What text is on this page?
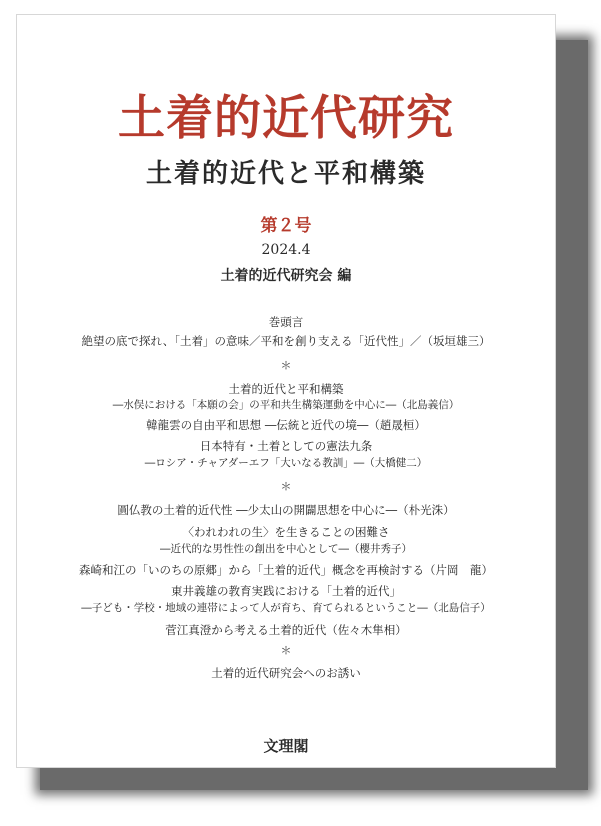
土着的近代研究
土着的近代と平和構築
第２号
2024.4
土着的近代研究会 編
巻頭言
絶望の底で探れ、「土着」の意味／平和を創り支える「近代性」／（坂垣雄三）
＊
土着的近代と平和構築
―水俣における「本願の会」の平和共生構築運動を中心に―（北島義信）
韓龍雲の自由平和思想 ―伝統と近代の境―（趙晟桓）
日本特有・土着としての憲法九条
―ロシア・チャアダーエフ「大いなる教訓」―（大橋健二）
＊
圓仏教の土着的近代性 ―少太山の開闢思想を中心に―（朴光洙）
〈われわれの生〉を生きることの困難さ
―近代的な男性性の創出を中心として―（櫻井秀子）
森崎和江の「いのちの原郷」から「土着的近代」概念を再検討する（片岡　龍）
東井義雄の教育実践における「土着的近代」
―子ども・学校・地域の連帯によって人が育ち、育てられるということ―（北島信子）
菅江真澄から考える土着的近代（佐々木隼相）
＊
土着的近代研究会へのお誘い
文理閣
